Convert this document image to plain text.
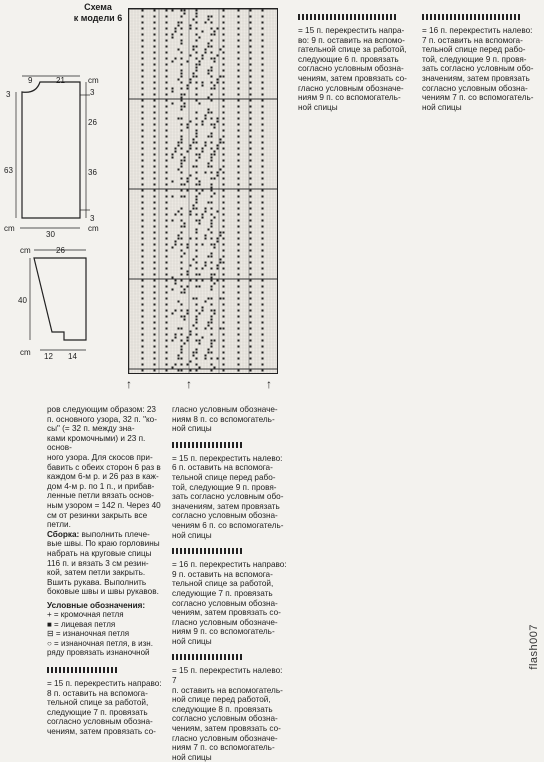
Схема
к модели 6
9	21	cm
3
63
3
26
36
3
cm
30
cm
cm	26
40
cm 12 14
↑	↑	↑
ров следующим образом: 23
п. основного узора, 32 п. "ко-
сы" (= 32 п. между зна-
ками кромочными) и 23 п. основ-
ного узора. Для скосов при-
бавить с обеих сторон 6 раз в
каждом 6-м р. и 26 раз в каж-
дом 4-м р. по 1 п., и прибав-
ленные петли вязать основ-
ным узором = 142 п. Через 40
см от резинки закрыть все
петли.
Сборка: выполнить плече-
вые швы. По краю горловины
набрать на круговые спицы
116 п. и вязать 3 см резин-
кой, затем петли закрыть.
Вшить рукава. Выполнить
боковые швы и швы рукавов.
Условные обозначения:
+ = кромочная петля
■ = лицевая петля
⊟ = изнаночная петля
○ = изнаночная петля, в изн.
ряду провязать изнаночной
= 15 п. перекрестить направо:
8 п. оставить на вспомога-
тельной спице за работой,
следующие 7 п. провязать
согласно условным обозна-
чениям, затем провязать со-
гласно условным обозначе-
ниям 8 п. со вспомогатель-
ной спицы
= 15 п. перекрестить налево:
6 п. оставить на вспомога-
тельной спице перед рабо-
той, следующие 9 п. провя-
зать согласно условным обо-
значениям, затем провязать
согласно условным обозна-
чениям 6 п. со вспомогатель-
ной спицы
= 16 п. перекрестить направо:
9 п. оставить на вспомога-
тельной спице за работой,
следующие 7 п. провязать
согласно условным обозна-
чениям, затем провязать со-
гласно условным обозначе-
ниям 9 п. со вспомогатель-
ной спицы
= 15 п. перекрестить налево: 7
п. оставить на вспомогатель-
ной спице перед работой,
следующие 8 п. провязать
согласно условным обозна-
чениям, затем провязать со-
гласно условным обозначе-
ниям 7 п. со вспомогатель-
ной спицы
= 15 п. перекрестить напра-
во: 9 п. оставить на вспомо-
гательной спице за работой,
следующие 6 п. провязать
согласно условным обозна-
чениям, затем провязать со-
гласно условным обозначе-
ниям 9 п. со вспомогатель-
ной спицы
= 16 п. перекрестить налево:
7 п. оставить на вспомога-
тельной спице перед рабо-
той, следующие 9 п. провя-
зать согласно условным обо-
значениям, затем провязать
согласно условным обозна-
чениям 7 п. со вспомогатель-
ной спицы
flash007
